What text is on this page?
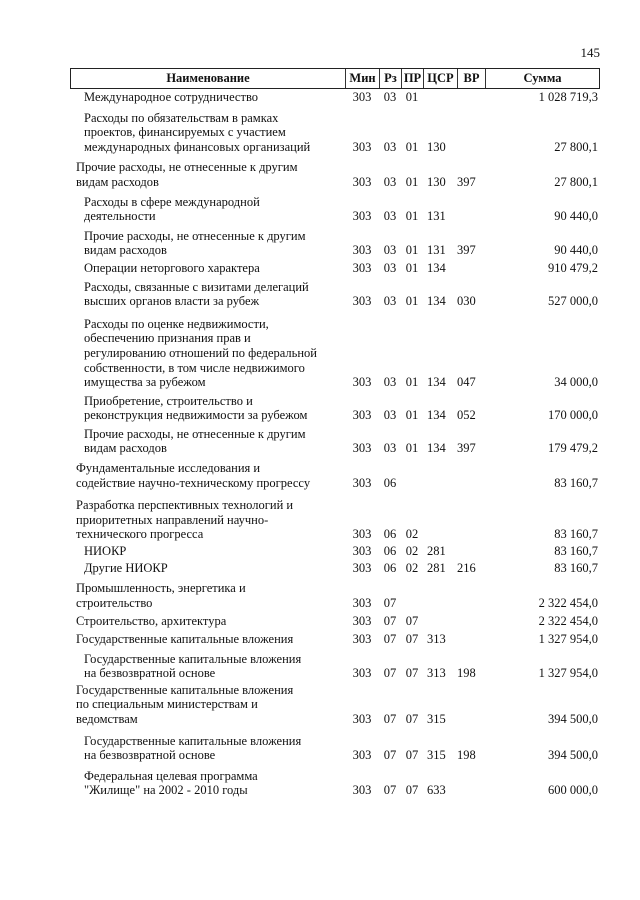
145
Наименование	Мин Рз ПР ЦСР ВР	Сумма
Международное сотрудничество	303 03 01	1 028 719,3
Расходы по обязательствам в рамках
проектов, финансируемых с участием
международных финансовых организаций	303 03 01 130	27 800,1
Прочие расходы, не отнесенные к другим
видам расходов	303 03 01 130 397	27 800,1
Расходы в сфере международной
деятельности	303 03 01 131	90 440,0
Прочие расходы, не отнесенные к другим
видам расходов	303 03 01 131 397	90 440,0
Операции неторгового характера	303 03 01 134	910 479,2
Расходы, связанные с визитами делегаций
высших органов власти за рубеж	303 03 01 134 030	527 000,0
Расходы по оценке недвижимости,
обеспечению признания прав и
регулированию отношений по федеральной
собственности, в том числе недвижимого
имущества за рубежом	303 03 01 134 047	34 000,0
Приобретение, строительство и
реконструкция недвижимости за рубежом	303 03 01 134 052	170 000,0
Прочие расходы, не отнесенные к другим
видам расходов	303 03 01 134 397	179 479,2
Фундаментальные исследования и
содействие научно-техническому прогрессу	303 06	83 160,7
Разработка перспективных технологий и
приоритетных направлений научно-
технического прогресса	303 06 02	83 160,7
НИОКР	303 06 02 281	83 160,7
Другие НИОКР	303 06 02 281 216	83 160,7
Промышленность, энергетика и
строительство	303 07	2 322 454,0
Строительство, архитектура	303 07 07	2 322 454,0
Государственные капитальные вложения	303 07 07 313	1 327 954,0
Государственные капитальные вложения
на безвозвратной основе	303 07 07 313 198	1 327 954,0
Государственные капитальные вложения
по специальным министерствам и
ведомствам	303 07 07 315	394 500,0
Государственные капитальные вложения
на безвозвратной основе	303 07 07 315 198	394 500,0
Федеральная целевая программа
"Жилище" на 2002 - 2010 годы	303 07 07 633	600 000,0
